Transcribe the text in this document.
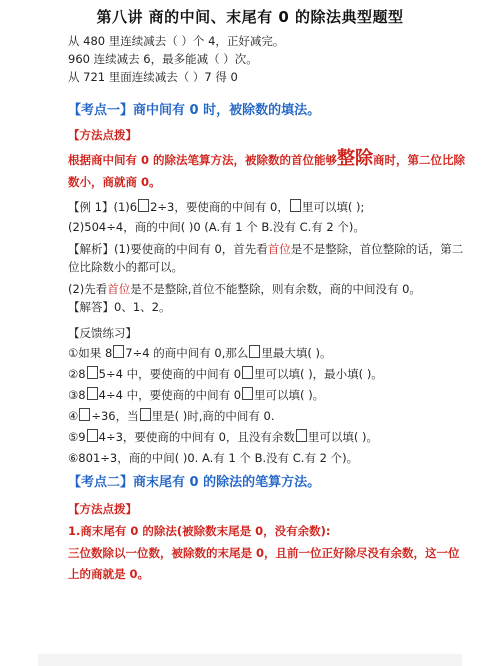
第八讲 商的中间、末尾有 0 的除法典型题型
从 480 里连续减去（ ）个 4，正好减完。
960 连续减去 6，最多能减（ ）次。
从 721 里面连续减去（ ）7 得 0
【考点一】商中间有 0 时，被除数的填法。
【方法点拨】
根据商中间有 0 的除法笔算方法，被除数的首位能够整除商时，第二位比除
数小，商就商 0。
【例 1】(1)6 2÷3，要使商的中间有 0， 里可以填( );
(2)504÷4，商的中间( )0 (A.有 1 个 B.没有 C.有 2 个)。
【解析】(1)要使商的中间有 0，首先看首位是不是整除，首位整除的话，第二
位比除数小的都可以。
(2)先看首位是不是整除,首位不能整除，则有余数，商的中间没有 0。
【解答】0、1、2。
【反馈练习】
①如果 8 7÷4 的商中间有 0,那么 里最大填( )。
②8 5÷4 中，要使商的中间有 0 里可以填( )，最小填( )。
③8 4÷4 中，要使商的中间有 0 里可以填( )。
④ ÷36，当 里是( )时,商的中间有 0.
⑤9 4÷3，要使商的中间有 0，且没有余数 里可以填( )。
⑥801÷3，商的中间( )0. A.有 1 个 B.没有 C.有 2 个)。
【考点二】商末尾有 0 的除法的笔算方法。
【方法点拨】
1.商末尾有 0 的除法(被除数末尾是 0，没有余数):
三位数除以一位数，被除数的末尾是 0，且前一位正好除尽没有余数，这一位
上的商就是 0。
